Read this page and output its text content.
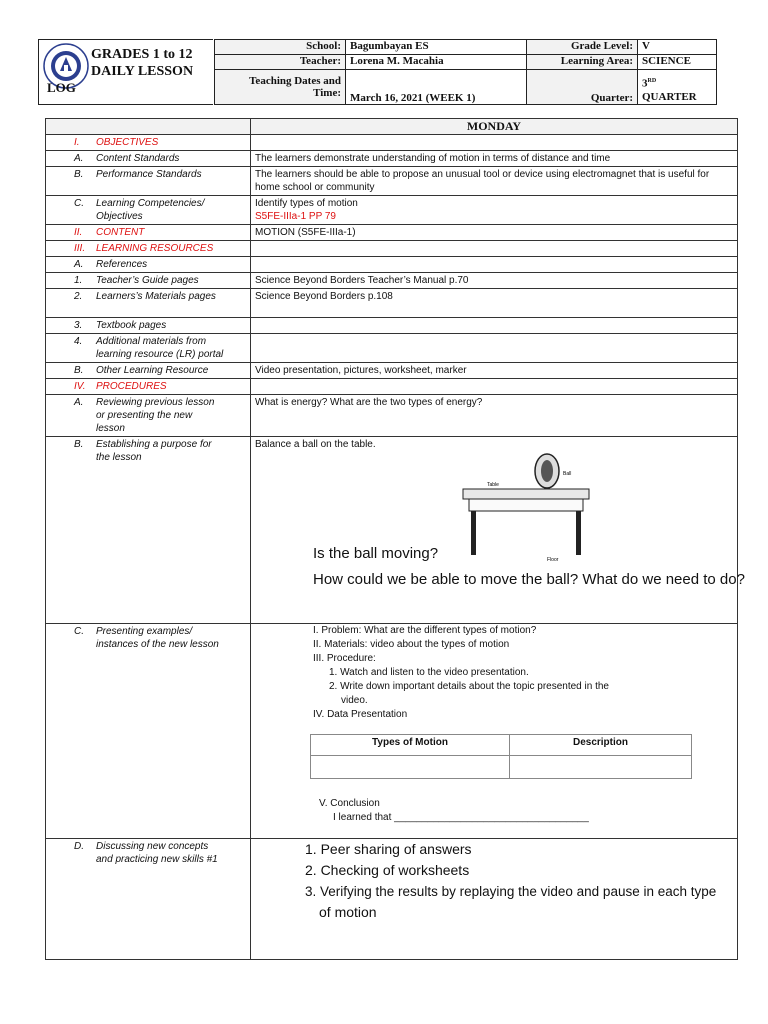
GRADES 1 to 12
DAILY LESSON
LOG
School:	Bagumbayan ES	Grade Level:	V
Teacher:	Lorena M. Macahia	Learning Area:	SCIENCE
Teaching Dates and
Time:	March 16, 2021 (WEEK 1)	Quarter:	3RD
QUARTER
	MONDAY
I. OBJECTIVES	
A. Content Standards	The learners demonstrate understanding of motion in terms of distance and time
B. Performance Standards	The learners should be able to propose an unusual tool or device using electromagnet that is useful for home school or community
C. Learning Competencies/
Objectives	Identify types of motion
S5FE-IIIa-1 PP 79
II. CONTENT	MOTION (S5FE-IIIa-1)
III. LEARNING RESOURCES	
A. References	
1. Teacher’s Guide pages	Science Beyond Borders Teacher’s Manual p.70
2. Learners’s Materials pages	Science Beyond Borders p.108
3. Textbook pages	
4. Additional materials from
learning resource (LR) portal	
B. Other Learning Resource	Video presentation, pictures, worksheet, marker
IV. PROCEDURES	
A. Reviewing previous lesson
or presenting the new
lesson	What is energy? What are the two types of energy?
B. Establishing a purpose for
the lesson	
Balance a ball on the table.
Table
Ball
Floor
Is the ball moving?
How could we be able to move the ball? What do we need to do?

C. Presenting examples/
instances of the new lesson	
I. Problem: What are the different types of motion?
II. Materials: video about the types of motion
III. Procedure:
1. Watch and listen to the video presentation.
2. Write down important details about the topic presented in the
video.
IV. Data Presentation
Types of Motion	Description

V. Conclusion
I learned that ___________________________________

D. Discussing new concepts
and practicing new skills #1	
1. Peer sharing of answers
2. Checking of worksheets
3. Verifying the results by replaying the video and pause in each type
of motion
